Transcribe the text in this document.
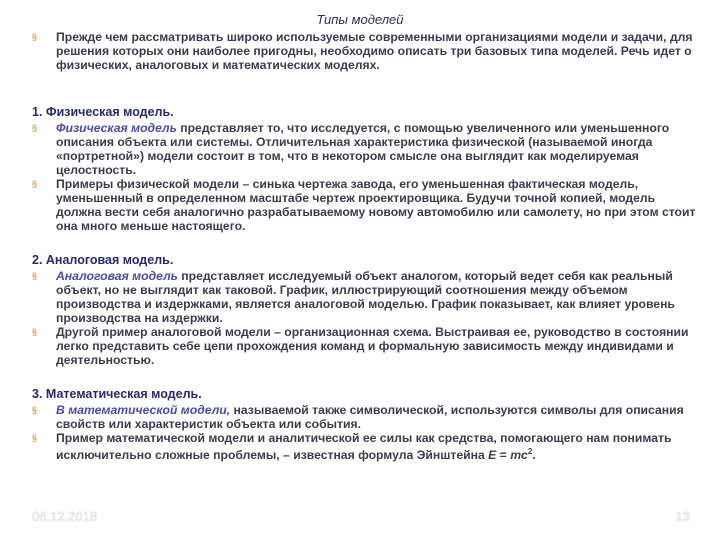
Типы моделей
§ Прежде чем рассматривать широко используемые современными организациями модели и задачи, для решения которых они наиболее пригодны, необходимо описать три базовых типа моделей. Речь идет о физических, аналоговых и математических моделях.
1. Физическая модель.
§ Физическая модель представляет то, что исследуется, с помощью увеличенного или уменьшенного описания объекта или системы. Отличительная характеристика физической (называемой иногда «портретной») модели состоит в том, что в некотором смысле она выглядит как моделируемая целостность.
§ Примеры физической модели – синька чертежа завода, его уменьшенная фактическая модель, уменьшенный в определенном масштабе чертеж проектировщика. Будучи точной копией, модель должна вести себя аналогично разрабатываемому новому автомобилю или самолету, но при этом стоит она много меньше настоящего.
2. Аналоговая модель.
§ Аналоговая модель представляет исследуемый объект аналогом, который ведет себя как реальный объект, но не выглядит как таковой. График, иллюстрирующий соотношения между объемом производства и издержками, является аналоговой моделью. График показывает, как влияет уровень производства на издержки.
§ Другой пример аналоговой модели – организационная схема. Выстраивая ее, руководство в состоянии легко представить себе цепи прохождения команд и формальную зависимость между индивидами и деятельностью.
3. Математическая модель.
§ В математической модели, называемой также символической, используются символы для описания свойств или характеристик объекта или события.
§ Пример математической модели и аналитической ее силы как средства, помогающего нам понимать исключительно сложные проблемы, – известная формула Эйнштейна $E = mc^2$.
06.12.2018	13
